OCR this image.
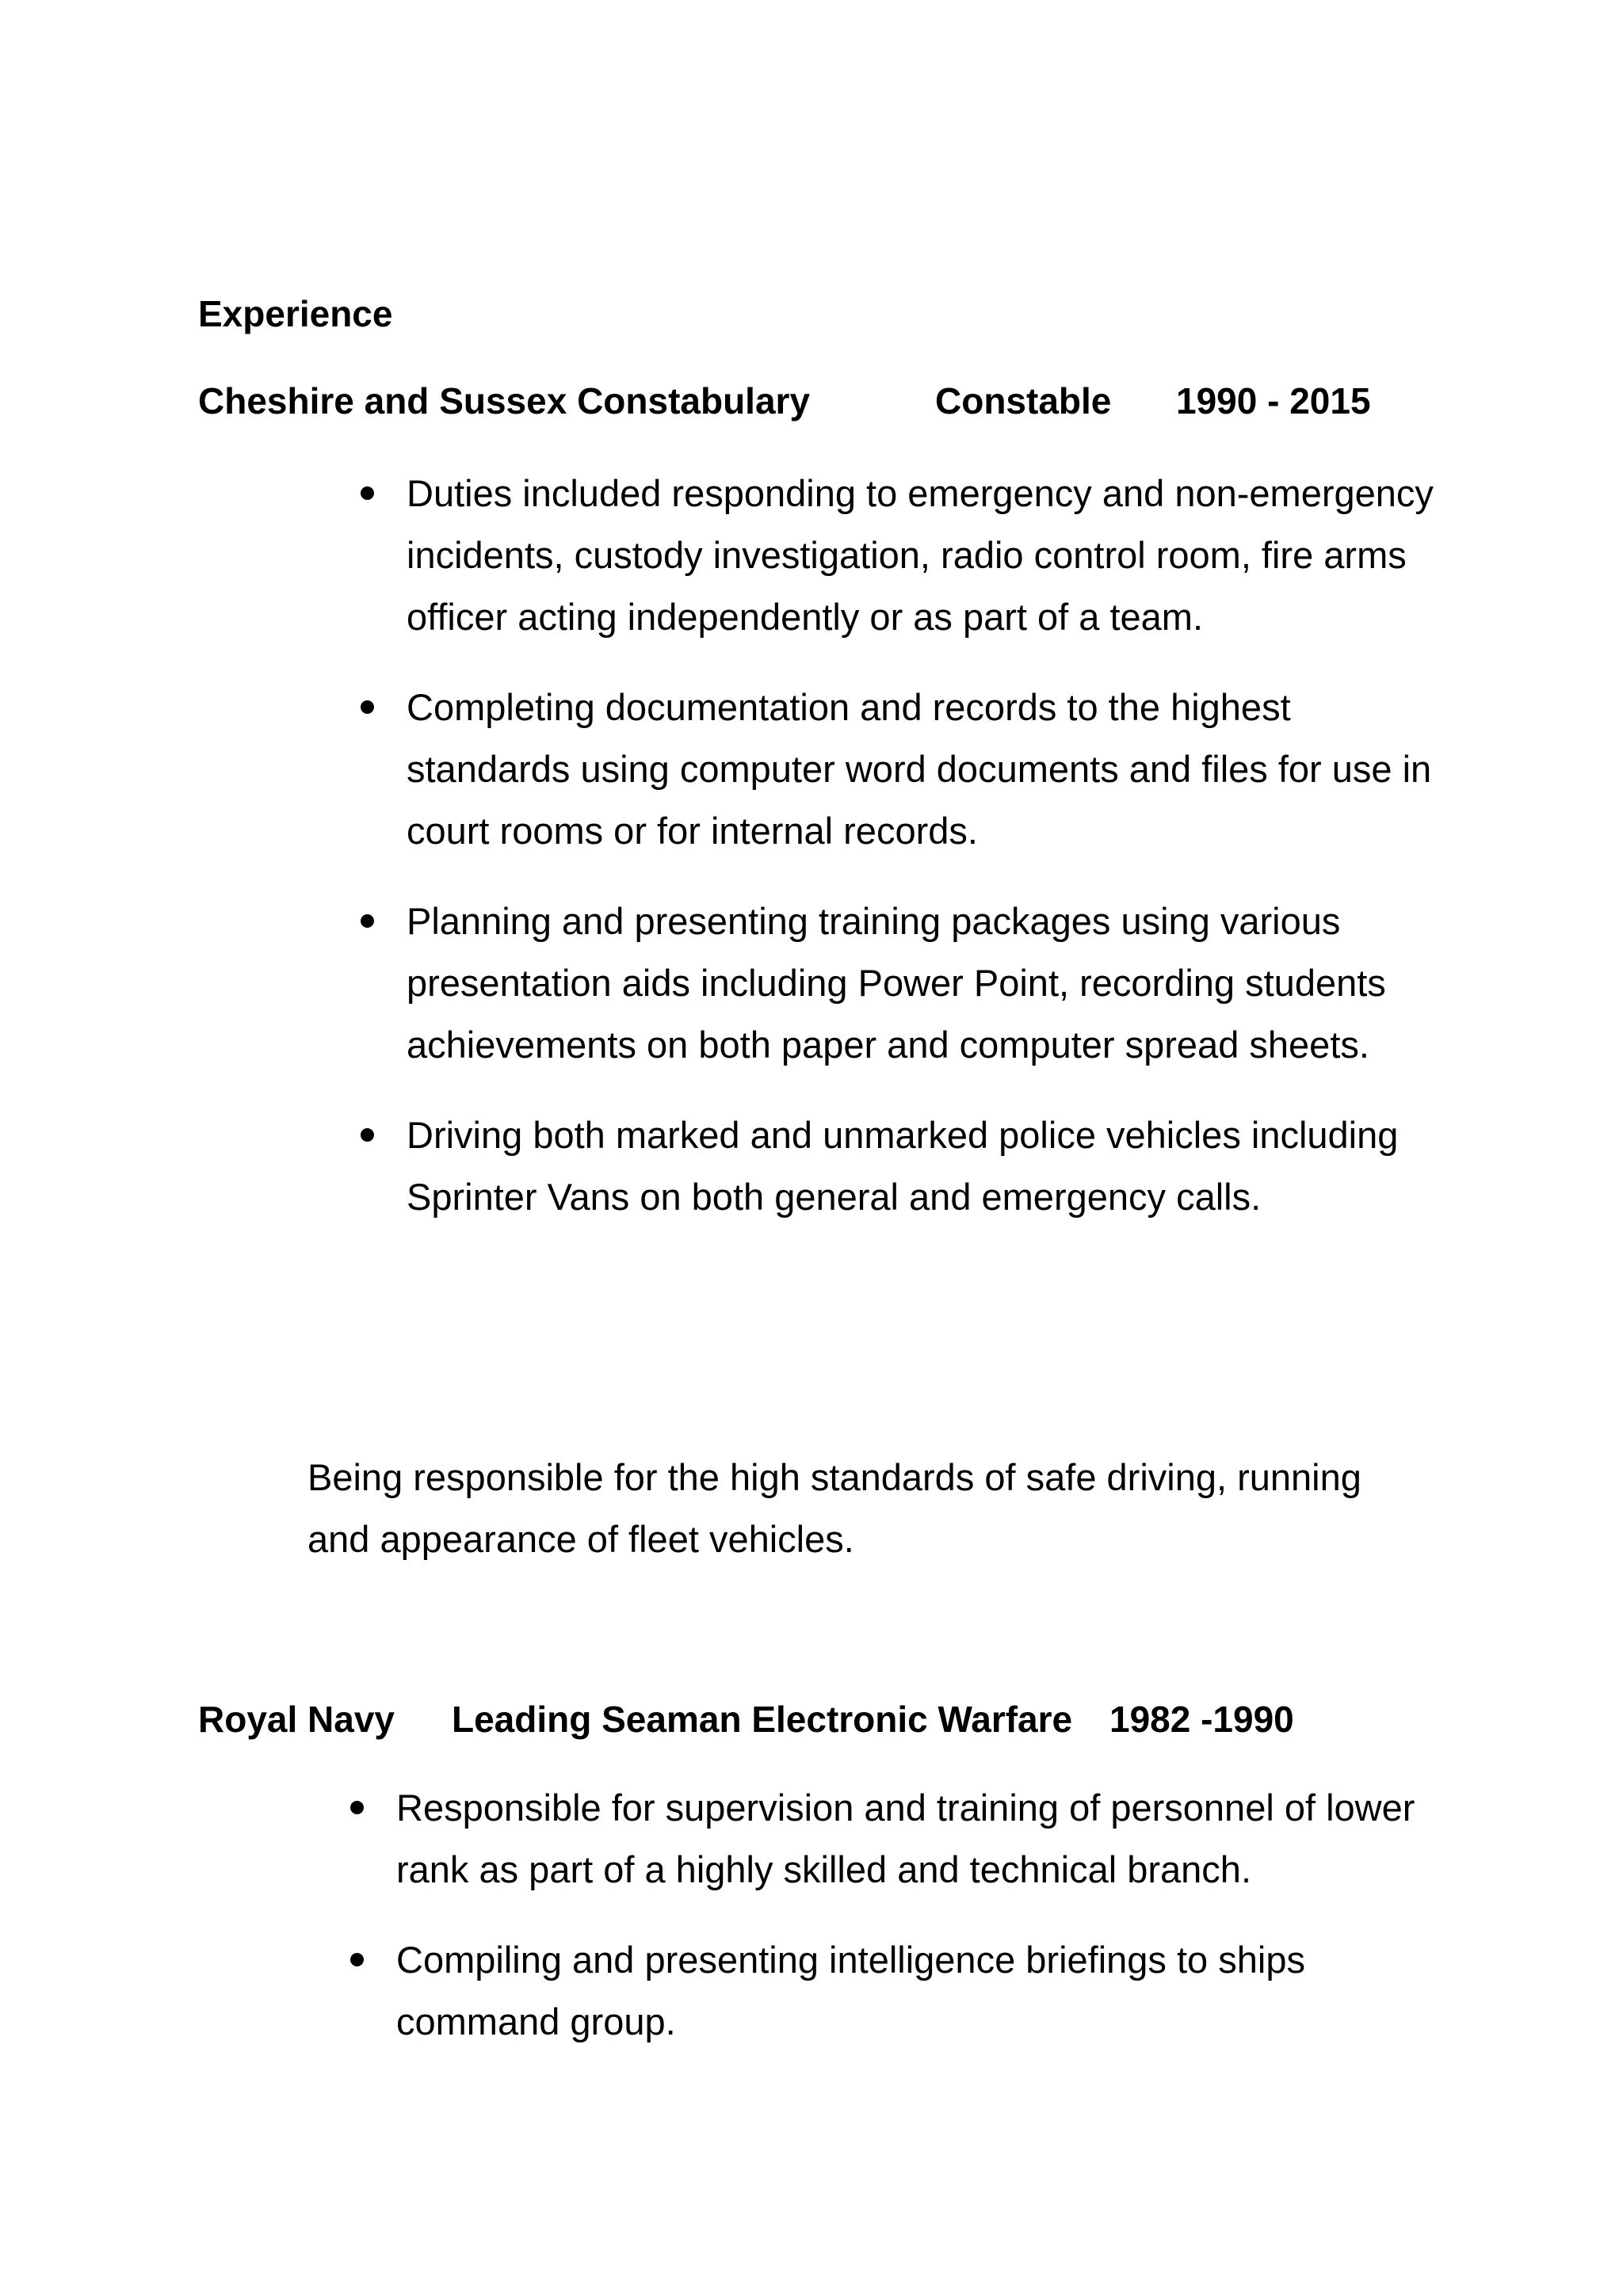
Experience
Cheshire and Sussex Constabulary	Constable 1990 - 2015
Duties included responding to emergency and non-emergency incidents, custody investigation, radio control room, fire arms officer acting independently or as part of a team.
Completing documentation and records to the highest standards using computer word documents and files for use in court rooms or for internal records.
Planning and presenting training packages using various presentation aids including Power Point, recording students achievements on both paper and computer spread sheets.
Driving both marked and unmarked police vehicles including Sprinter Vans on both general and emergency calls.

Being responsible for the high standards of safe driving, running and appearance of fleet vehicles.

Royal Navy Leading Seaman Electronic Warfare 1982 -1990
Responsible for supervision and training of personnel of lower rank as part of a highly skilled and technical branch.
Compiling and presenting intelligence briefings to ships command group.
